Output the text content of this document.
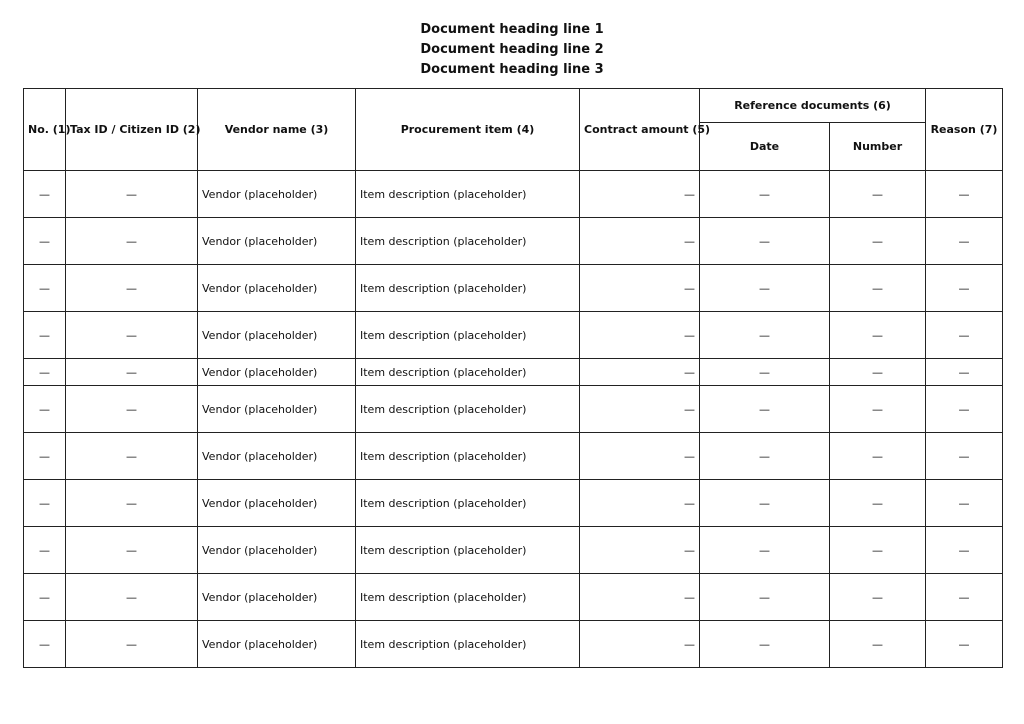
Document heading line 1
Document heading line 2
Document heading line 3
No. (1)	Tax ID / Citizen ID (2)	Vendor name (3)	Procurement item (4)	Contract amount (5)	Reference documents (6)		Reason (7)
					Date	Number	
—	—	Vendor (placeholder)	Item description (placeholder)	—	—	—	—
—	—	Vendor (placeholder)	Item description (placeholder)	—	—	—	—
—	—	Vendor (placeholder)	Item description (placeholder)	—	—	—	—
—	—	Vendor (placeholder)	Item description (placeholder)	—	—	—	—
—	—	Vendor (placeholder)	Item description (placeholder)	—	—	—	—
—	—	Vendor (placeholder)	Item description (placeholder)	—	—	—	—
—	—	Vendor (placeholder)	Item description (placeholder)	—	—	—	—
—	—	Vendor (placeholder)	Item description (placeholder)	—	—	—	—
—	—	Vendor (placeholder)	Item description (placeholder)	—	—	—	—
—	—	Vendor (placeholder)	Item description (placeholder)	—	—	—	—
—	—	Vendor (placeholder)	Item description (placeholder)	—	—	—	—
